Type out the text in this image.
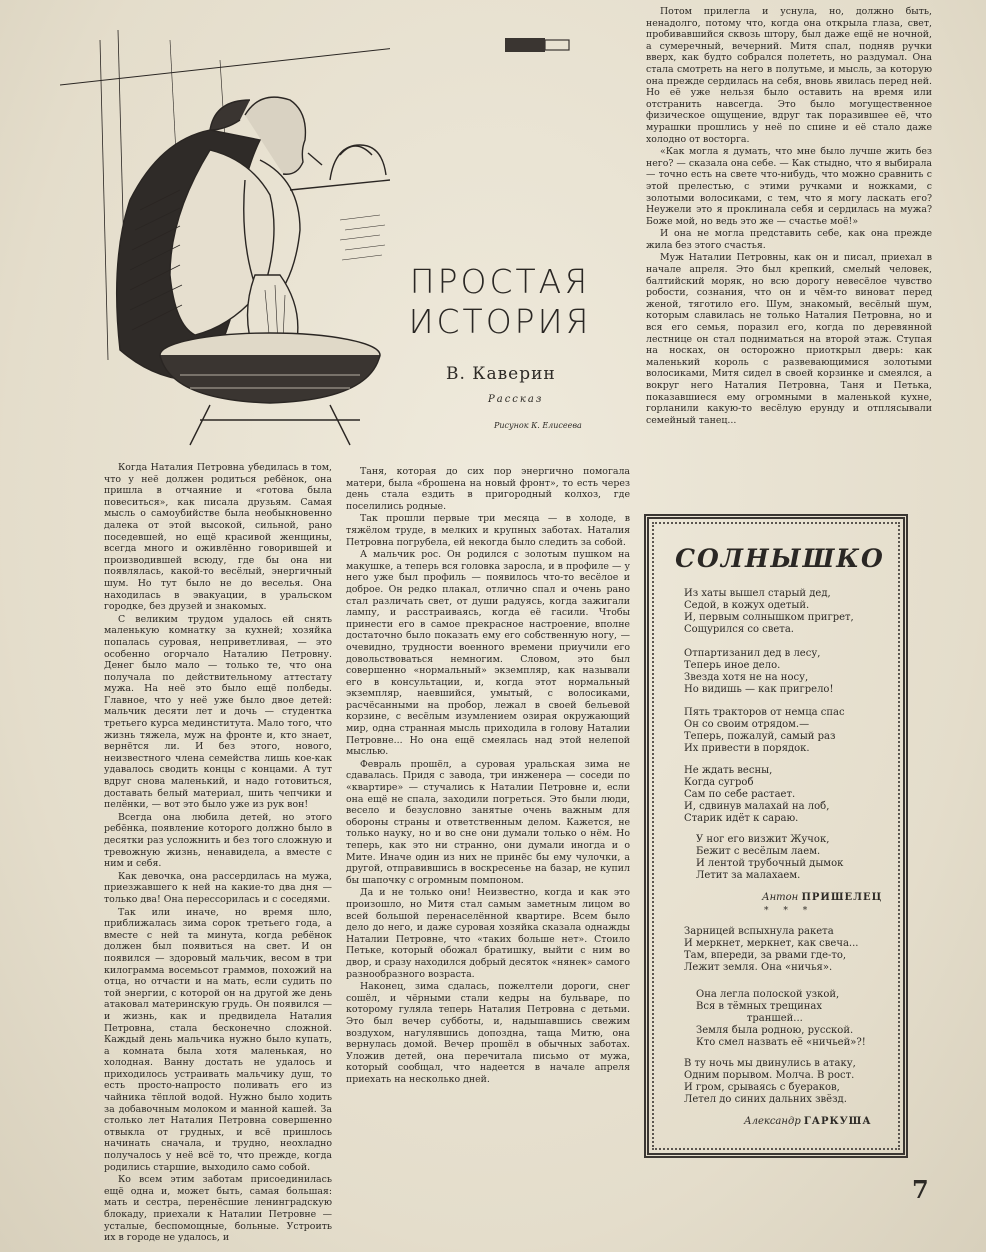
ПРОСТАЯ
ИСТОРИЯ
В. Каверин
Рассказ
Рисунок К. Елисеева

Когда Наталия Петровна убедилась в том, что у неё должен родиться ребёнок, она пришла в отчаяние и «готова была повеситься», как писала друзьям. Самая мысль о самоубийстве была необыкновенно далека от этой высокой, сильной, рано поседевшей, но ещё красивой женщины, всегда много и оживлённо говорившей и производившей всюду, где бы она ни появлялась, какой-то весёлый, энергичный шум. Но тут было не до веселья. Она находилась в эвакуации, в уральском городке, без друзей и знакомых.

С великим трудом удалось ей снять маленькую комнатку за кухней; хозяйка попалась суровая, неприветливая, — это особенно огорчало Наталию Петровну. Денег было мало — только те, что она получала по действительному аттестату мужа. На неё это было ещё полбеды. Главное, что у неё уже было двое детей: мальчик десяти лет и дочь — студентка третьего курса мединститута. Мало того, что жизнь тяжела, муж на фронте и, кто знает, вернётся ли. И без этого, нового, неизвестного члена семейства лишь кое-как удавалось сводить концы с концами. А тут вдруг снова маленький, и надо готовиться, доставать белый материал, шить чепчики и пелёнки, — вот это было уже из рук вон!

Всегда она любила детей, но этого ребёнка, появление которого должно было в десятки раз усложнить и без того сложную и тревожную жизнь, ненавидела, а вместе с ним и себя.

Как девочка, она рассердилась на мужа, приезжавшего к ней на какие-то два дня — только два! Она перессорилась и с соседями.

Так или иначе, но время шло, приближалась зима сорок третьего года, а вместе с ней та минута, когда ребёнок должен был появиться на свет. И он появился — здоровый мальчик, весом в три килограмма восемьсот граммов, похожий на отца, но отчасти и на мать, если судить по той энергии, с которой он на другой же день атаковал материнскую грудь. Он появился — и жизнь, как и предвидела Наталия Петровна, стала бесконечно сложной. Каждый день мальчика нужно было купать, а комната была хотя маленькая, но холодная. Ванну достать не удалось и приходилось устраивать мальчику душ, то есть просто-напросто поливать его из чайника тёплой водой. Нужно было ходить за добавочным молоком и манной кашей. За столько лет Наталия Петровна совершенно отвыкла от грудных, и всё пришлось начинать сначала, и трудно, неохладно получалось у неё всё то, что прежде, когда родились старшие, выходило само собой.

Ко всем этим заботам присоединилась ещё одна и, может быть, самая большая: мать и сестра, перенёсшие ленинградскую блокаду, приехали к Наталии Петровне — усталые, беспомощные, больные. Устроить их в городе не удалось, и

Таня, которая до сих пор энергично помогала матери, была «брошена на новый фронт», то есть через день стала ездить в пригородный колхоз, где поселились родные.

Так прошли первые три месяца — в холоде, в тяжёлом труде, в мелких и крупных заботах. Наталия Петровна погрубела, ей некогда было следить за собой.

А мальчик рос. Он родился с золотым пушком на макушке, а теперь вся головка заросла, и в профиле — у него уже был профиль — появилось что-то весёлое и доброе. Он редко плакал, отлично спал и очень рано стал различать свет, от души радуясь, когда зажигали лампу, и расстраиваясь, когда её гасили. Чтобы принести его в самое прекрасное настроение, вполне достаточно было показать ему его собственную ногу, — очевидно, трудности военного времени приучили его довольствоваться немногим. Словом, это был совершенно «нормальный» экземпляр, как называли его в консультации, и, когда этот нормальный экземпляр, наевшийся, умытый, с волосиками, расчёсанными на пробор, лежал в своей бельевой корзине, с весёлым изумлением озирая окружающий мир, одна странная мысль приходила в голову Наталии Петровне... Но она ещё смеялась над этой нелепой мыслью.

Февраль прошёл, а суровая уральская зима не сдавалась. Придя с завода, три инженера — соседи по «квартире» — стучались к Наталии Петровне и, если она ещё не спала, заходили погреться. Это были люди, весело и безусловно занятые очень важным для обороны страны и ответственным делом. Кажется, не только науку, но и во сне они думали только о нём. Но теперь, как это ни странно, они думали иногда и о Мите. Иначе один из них не принёс бы ему чулочки, а другой, отправившись в воскресенье на базар, не купил бы шапочку с огромным помпоном.

Да и не только они! Неизвестно, когда и как это произошло, но Митя стал самым заметным лицом во всей большой перенаселённой квартире. Всем было дело до него, и даже суровая хозяйка сказала однажды Наталии Петровне, что «таких больше нет». Стоило Петьке, который обожал братишку, выйти с ним во двор, и сразу находился добрый десяток «нянек» самого разнообразного возраста.

Наконец, зима сдалась, пожелтели дороги, снег сошёл, и чёрными стали кедры на бульваре, по которому гуляла теперь Наталия Петровна с детьми. Это был вечер субботы, и, надышавшись свежим воздухом, нагулявшись допоздна, таща Митю, она вернулась домой. Вечер прошёл в обычных заботах. Уложив детей, она перечитала письмо от мужа, который сообщал, что надеется в начале апреля приехать на несколько дней.

Потом прилегла и уснула, но, должно быть, ненадолго, потому что, когда она открыла глаза, свет, пробивавшийся сквозь штору, был даже ещё не ночной, а сумеречный, вечерний. Митя спал, подняв ручки вверх, как будто собрался полететь, но раздумал. Она стала смотреть на него в полутьме, и мысль, за которую она прежде сердилась на себя, вновь явилась перед ней. Но её уже нельзя было оставить на время или отстранить навсегда. Это было могущественное физическое ощущение, вдруг так поразившее её, что мурашки прошлись у неё по спине и её стало даже холодно от восторга.

«Как могла я думать, что мне было лучше жить без него? — сказала она себе. — Как стыдно, что я выбирала — точно есть на свете что-нибудь, что можно сравнить с этой прелестью, с этими ручками и ножками, с золотыми волосиками, с тем, что я могу ласкать его? Неужели это я проклинала себя и сердилась на мужа? Боже мой, но ведь это же — счастье моё!»

И она не могла представить себе, как она прежде жила без этого счастья.

Муж Наталии Петровны, как он и писал, приехал в начале апреля. Это был крепкий, смелый человек, балтийский моряк, но всю дорогу невесёлое чувство робости, сознания, что он и чём-то виноват перед женой, тяготило его. Шум, знакомый, весёлый шум, которым славилась не только Наталия Петровна, но и вся его семья, поразил его, когда по деревянной лестнице он стал подниматься на второй этаж. Ступая на носках, он осторожно приоткрыл дверь: как маленький король с развевающимися золотыми волосиками, Митя сидел в своей корзинке и смеялся, а вокруг него Наталия Петровна, Таня и Петька, показавшиеся ему огромными в маленькой кухне, горланили какую-то весёлую ерунду и отплясывали семейный танец...

СОЛНЫШКО
Из хаты вышел старый дед,
Седой, в кожух одетый.
И, первым солнышком пригрет,
Сощурился со света.
Отпартизанил дед в лесу,
Теперь иное дело.
Звезда хотя не на носу,
Но видишь — как пригрело!
Пять тракторов от немца спас
Он со своим отрядом.—
Теперь, пожалуй, самый раз
Их привести в порядок.
Не ждать весны,
Когда сугроб
Сам по себе растает.
И, сдвинув малахай на лоб,
Старик идёт к сараю.
У ног его визжит Жучок,
Бежит с весёлым лаем.
И лентой трубочный дымок
Летит за малахаем.
Антон ПРИШЕЛЕЦ
* * *
Зарницей вспыхнула ракета
И меркнет, меркнет, как свеча...
Там, впереди, за рвами где-то,
Лежит земля. Она «ничья».
Она легла полоской узкой,
Вся в тёмных трещинах
траншей...
Земля была родною, русской.
Кто смел назвать её «ничьей»?!
В ту ночь мы двинулись в атаку,
Одним порывом. Молча. В рост.
И гром, срываясь с буераков,
Летел до синих дальних звёзд.
Александр ГАРКУША
7
